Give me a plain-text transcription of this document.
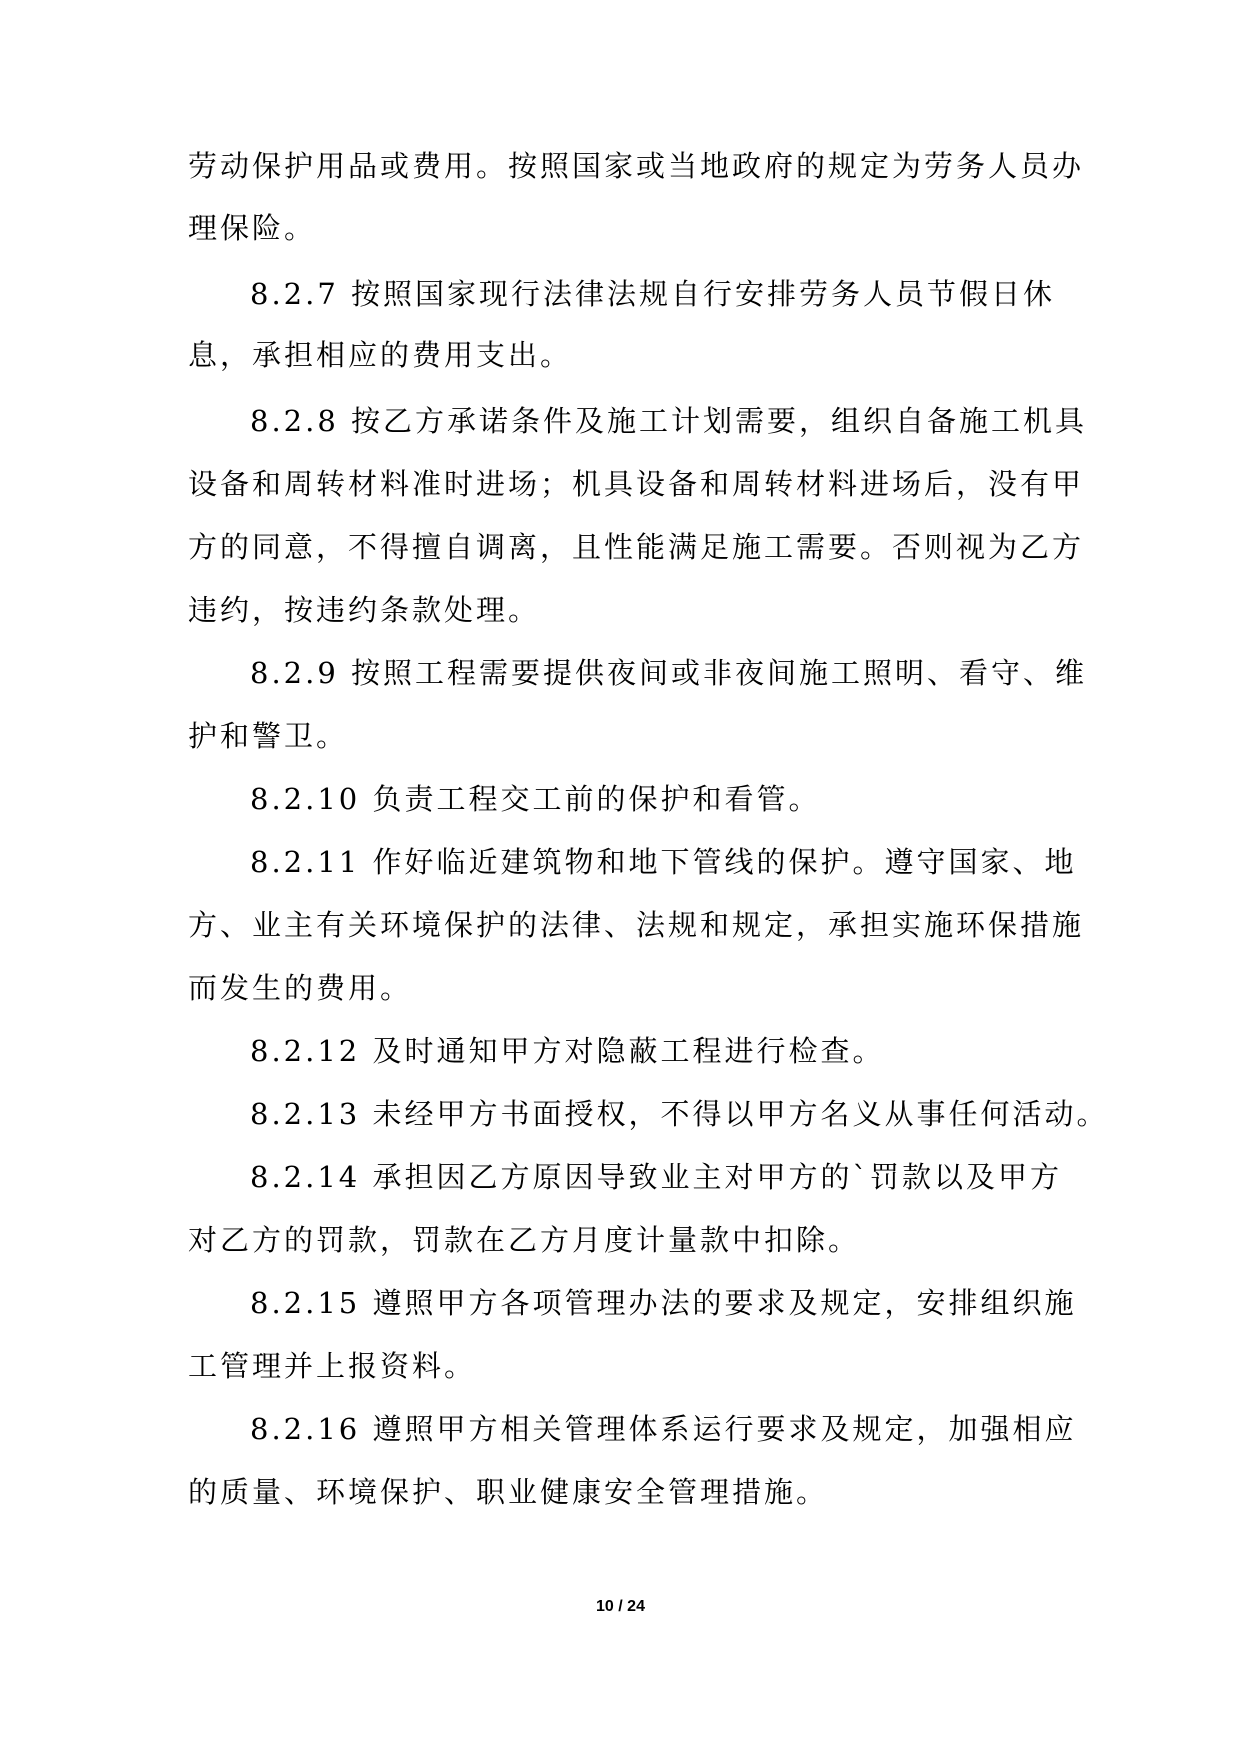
劳动保护用品或费用。按照国家或当地政府的规定为劳务人员办
理保险。
8.2.7 按照国家现行法律法规自行安排劳务人员节假日休
息，承担相应的费用支出。
8.2.8 按乙方承诺条件及施工计划需要，组织自备施工机具
设备和周转材料准时进场；机具设备和周转材料进场后，没有甲
方的同意，不得擅自调离，且性能满足施工需要。否则视为乙方
违约，按违约条款处理。
8.2.9 按照工程需要提供夜间或非夜间施工照明、看守、维
护和警卫。
8.2.10 负责工程交工前的保护和看管。
8.2.11 作好临近建筑物和地下管线的保护。遵守国家、地
方、业主有关环境保护的法律、法规和规定，承担实施环保措施
而发生的费用。
8.2.12 及时通知甲方对隐蔽工程进行检查。
8.2.13 未经甲方书面授权，不得以甲方名义从事任何活动。
8.2.14 承担因乙方原因导致业主对甲方的`罚款以及甲方
对乙方的罚款，罚款在乙方月度计量款中扣除。
8.2.15 遵照甲方各项管理办法的要求及规定，安排组织施
工管理并上报资料。
8.2.16 遵照甲方相关管理体系运行要求及规定，加强相应
的质量、环境保护、职业健康安全管理措施。
10 / 24
